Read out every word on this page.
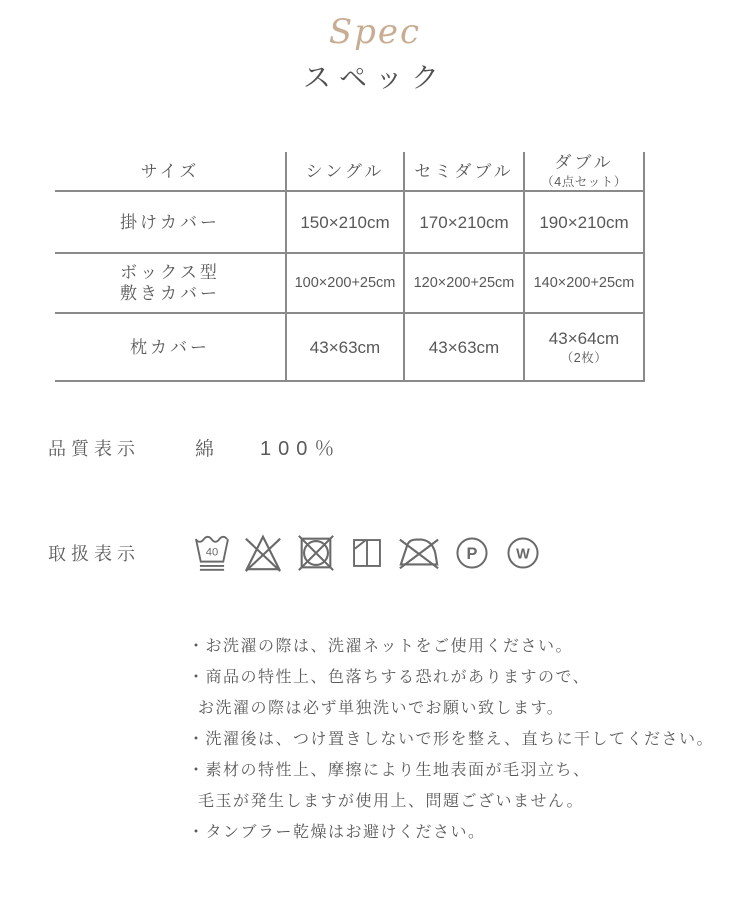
Spec
スペック
サイズ	シングル	セミダブル	ダブル
（4点セット）
掛けカバー	150×210cm	170×210cm	190×210cm
ボックス型
敷きカバー
100×200+25cm	120×200+25cm	140×200+25cm
枕カバー	43×63cm	43×63cm	43×64cm
（2枚）
品質表示	綿 100％
取扱表示	40	P W
・お洗濯の際は、洗濯ネットをご使用ください。
・商品の特性上、色落ちする恐れがありますので、
お洗濯の際は必ず単独洗いでお願い致します。
・洗濯後は、つけ置きしないで形を整え、直ちに干してください。
・素材の特性上、摩擦により生地表面が毛羽立ち、
毛玉が発生しますが使用上、問題ございません。
・タンブラー乾燥はお避けください。
